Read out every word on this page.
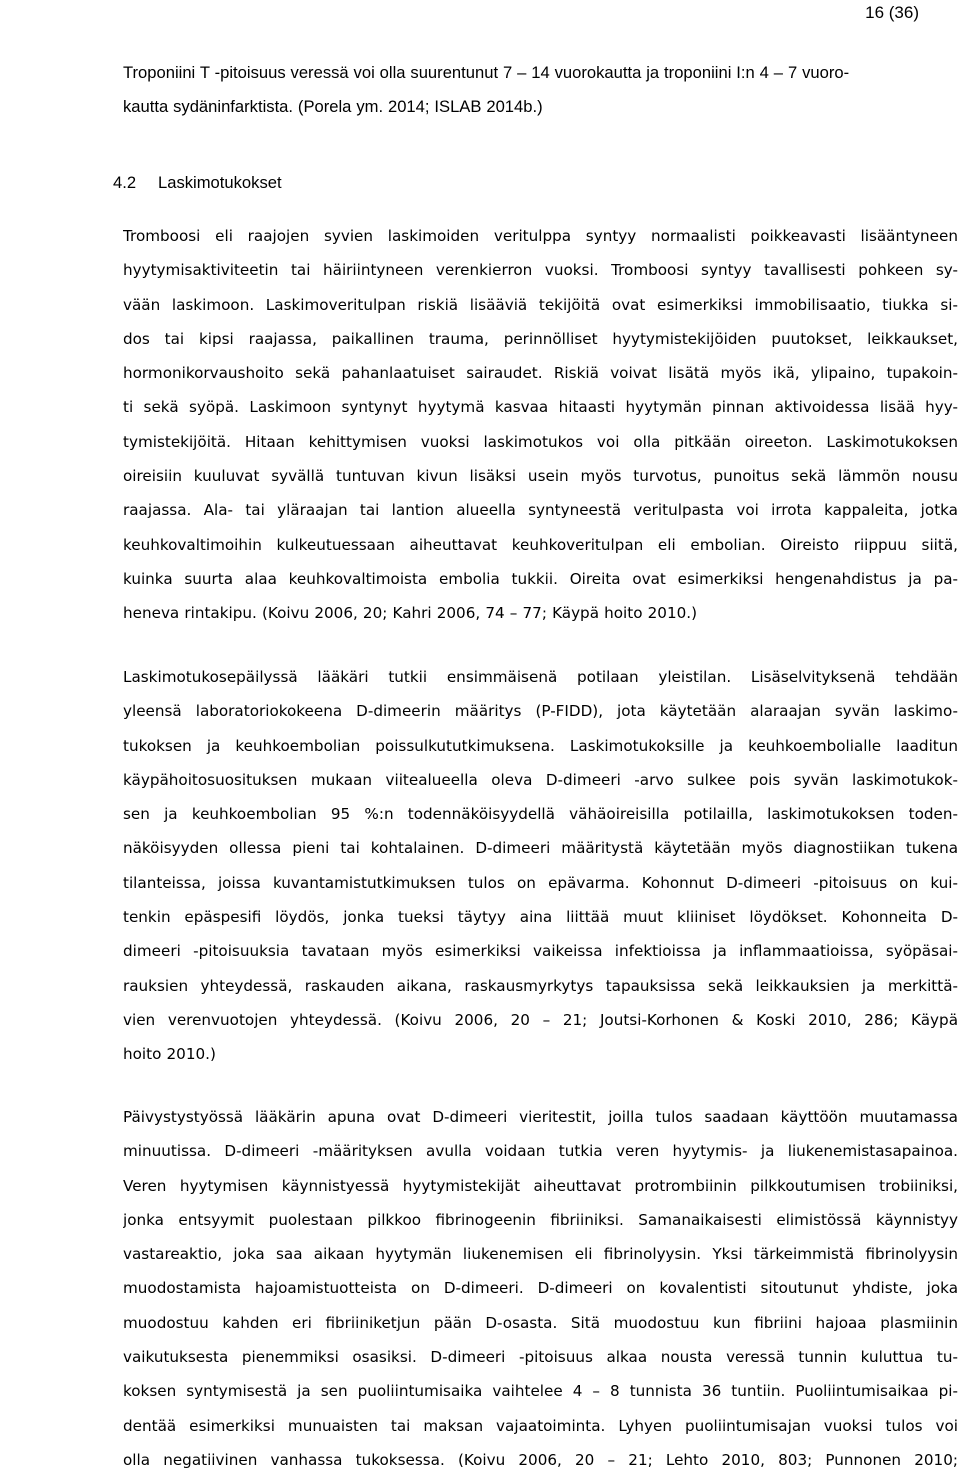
16 (36)
Troponiini T -pitoisuus veressä voi olla suurentunut 7 – 14 vuorokautta ja troponiini I:n 4 – 7 vuoro-
kautta sydäninfarktista. (Porela ym. 2014; ISLAB 2014b.)
4.2 Laskimotukokset
Tromboosi eli raajojen syvien laskimoiden veritulppa syntyy normaalisti poikkeavasti lisääntyneen
hyytymisaktiviteetin tai häiriintyneen verenkierron vuoksi. Tromboosi syntyy tavallisesti pohkeen sy-
vään laskimoon. Laskimoveritulpan riskiä lisääviä tekijöitä ovat esimerkiksi immobilisaatio, tiukka si-
dos tai kipsi raajassa, paikallinen trauma, perinnölliset hyytymistekijöiden puutokset, leikkaukset,
hormonikorvaushoito sekä pahanlaatuiset sairaudet. Riskiä voivat lisätä myös ikä, ylipaino, tupakoin-
ti sekä syöpä. Laskimoon syntynyt hyytymä kasvaa hitaasti hyytymän pinnan aktivoidessa lisää hyy-
tymistekijöitä. Hitaan kehittymisen vuoksi laskimotukos voi olla pitkään oireeton. Laskimotukoksen
oireisiin kuuluvat syvällä tuntuvan kivun lisäksi usein myös turvotus, punoitus sekä lämmön nousu
raajassa. Ala- tai yläraajan tai lantion alueella syntyneestä veritulpasta voi irrota kappaleita, jotka
keuhkovaltimoihin kulkeutuessaan aiheuttavat keuhkoveritulpan eli embolian. Oireisto riippuu siitä,
kuinka suurta alaa keuhkovaltimoista embolia tukkii. Oireita ovat esimerkiksi hengenahdistus ja pa-
heneva rintakipu. (Koivu 2006, 20; Kahri 2006, 74 – 77; Käypä hoito 2010.)
Laskimotukosepäilyssä lääkäri tutkii ensimmäisenä potilaan yleistilan. Lisäselvityksenä tehdään
yleensä laboratoriokokeena D-dimeerin määritys (P-FIDD), jota käytetään alaraajan syvän laskimo-
tukoksen ja keuhkoembolian poissulkututkimuksena. Laskimotukoksille ja keuhkoembolialle laaditun
käypähoitosuosituksen mukaan viitealueella oleva D-dimeeri -arvo sulkee pois syvän laskimotukok-
sen ja keuhkoembolian 95 %:n todennäköisyydellä vähäoireisilla potilailla, laskimotukoksen toden-
näköisyyden ollessa pieni tai kohtalainen. D-dimeeri määritystä käytetään myös diagnostiikan tukena
tilanteissa, joissa kuvantamistutkimuksen tulos on epävarma. Kohonnut D-dimeeri -pitoisuus on kui-
tenkin epäspesifi löydös, jonka tueksi täytyy aina liittää muut kliiniset löydökset. Kohonneita D-
dimeeri -pitoisuuksia tavataan myös esimerkiksi vaikeissa infektioissa ja inflammaatioissa, syöpäsai-
rauksien yhteydessä, raskauden aikana, raskausmyrkytys tapauksissa sekä leikkauksien ja merkittä-
vien verenvuotojen yhteydessä. (Koivu 2006, 20 – 21; Joutsi-Korhonen & Koski 2010, 286; Käypä
hoito 2010.)
Päivystystyössä lääkärin apuna ovat D-dimeeri vieritestit, joilla tulos saadaan käyttöön muutamassa
minuutissa. D-dimeeri -määrityksen avulla voidaan tutkia veren hyytymis- ja liukenemistasapainoa.
Veren hyytymisen käynnistyessä hyytymistekijät aiheuttavat protrombiinin pilkkoutumisen trobiiniksi,
jonka entsyymit puolestaan pilkkoo fibrinogeenin fibriiniksi. Samanaikaisesti elimistössä käynnistyy
vastareaktio, joka saa aikaan hyytymän liukenemisen eli fibrinolyysin. Yksi tärkeimmistä fibrinolyysin
muodostamista hajoamistuotteista on D-dimeeri. D-dimeeri on kovalentisti sitoutunut yhdiste, joka
muodostuu kahden eri fibriiniketjun pään D-osasta. Sitä muodostuu kun fibriini hajoaa plasmiinin
vaikutuksesta pienemmiksi osasiksi. D-dimeeri -pitoisuus alkaa nousta veressä tunnin kuluttua tu-
koksen syntymisestä ja sen puoliintumisaika vaihtelee 4 – 8 tunnista 36 tuntiin. Puoliintumisaikaa pi-
dentää esimerkiksi munuaisten tai maksan vajaatoiminta. Lyhyen puoliintumisajan vuoksi tulos voi
olla negatiivinen vanhassa tukoksessa. (Koivu 2006, 20 – 21; Lehto 2010, 803; Punnonen 2010;
